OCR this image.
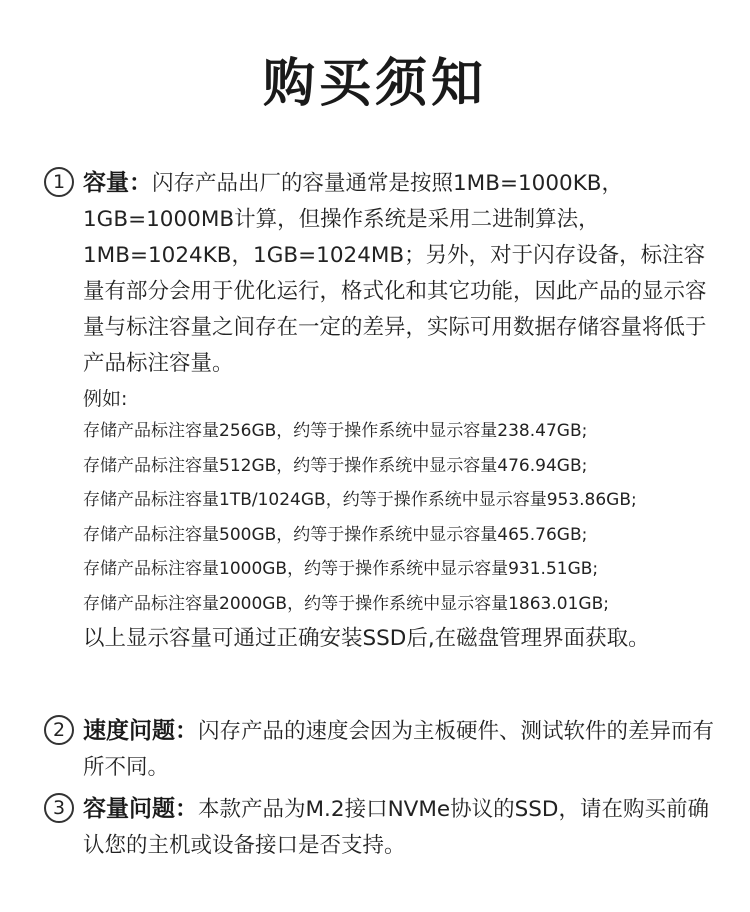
购买须知
1 容量：闪存产品出厂的容量通常是按照1MB=1000KB，1GB=1000MB计算，但操作系统是采用二进制算法，1MB=1024KB，1GB=1024MB；另外，对于闪存设备，标注容量有部分会用于优化运行，格式化和其它功能，因此产品的显示容量与标注容量之间存在一定的差异，实际可用数据存储容量将低于产品标注容量。
例如:
存储产品标注容量256GB，约等于操作系统中显示容量238.47GB;
存储产品标注容量512GB，约等于操作系统中显示容量476.94GB;
存储产品标注容量1TB/1024GB，约等于操作系统中显示容量953.86GB;
存储产品标注容量500GB，约等于操作系统中显示容量465.76GB;
存储产品标注容量1000GB，约等于操作系统中显示容量931.51GB;
存储产品标注容量2000GB，约等于操作系统中显示容量1863.01GB;
以上显示容量可通过正确安装SSD后,在磁盘管理界面获取。
2 速度问题：闪存产品的速度会因为主板硬件、测试软件的差异而有所不同。
3 容量问题：本款产品为M.2接口NVMe协议的SSD，请在购买前确认您的主机或设备接口是否支持。
